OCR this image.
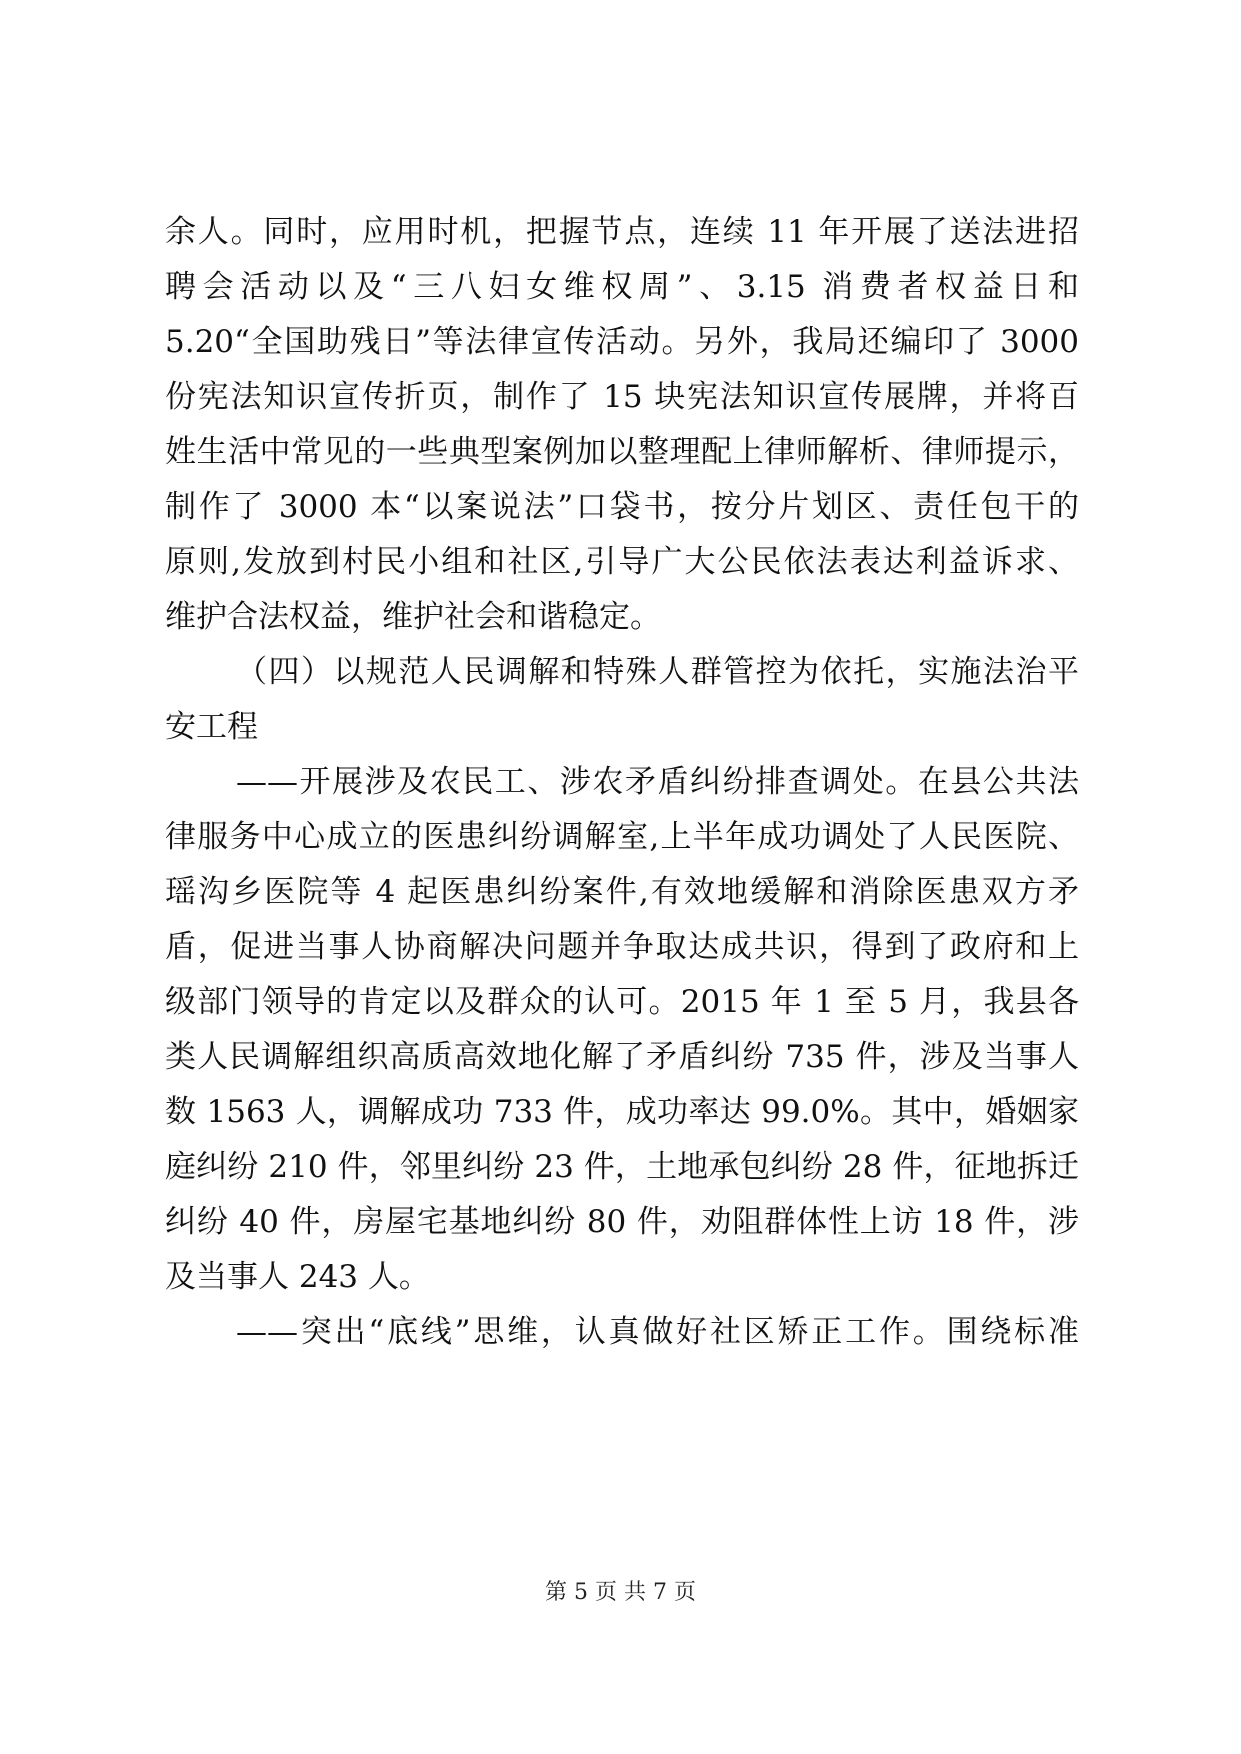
余人。同时，应用时机，把握节点，连续 11 年开展了送法进招
聘会活动以及“三八妇女维权周”、3.15 消费者权益日和
5.20“全国助残日”等法律宣传活动。另外，我局还编印了 3000
份宪法知识宣传折页，制作了 15 块宪法知识宣传展牌，并将百
姓生活中常见的一些典型案例加以整理配上律师解析、律师提示，
制作了 3000 本“以案说法”口袋书，按分片划区、责任包干的
原则,发放到村民小组和社区,引导广大公民依法表达利益诉求、
维护合法权益，维护社会和谐稳定。
（四）以规范人民调解和特殊人群管控为依托，实施法治平
安工程
——开展涉及农民工、涉农矛盾纠纷排查调处。在县公共法
律服务中心成立的医患纠纷调解室,上半年成功调处了人民医院、
瑶沟乡医院等 4 起医患纠纷案件,有效地缓解和消除医患双方矛
盾，促进当事人协商解决问题并争取达成共识，得到了政府和上
级部门领导的肯定以及群众的认可。2015 年 1 至 5 月，我县各
类人民调解组织高质高效地化解了矛盾纠纷 735 件，涉及当事人
数 1563 人，调解成功 733 件，成功率达 99.0%。其中，婚姻家
庭纠纷 210 件，邻里纠纷 23 件，土地承包纠纷 28 件，征地拆迁
纠纷 40 件，房屋宅基地纠纷 80 件，劝阻群体性上访 18 件，涉
及当事人 243 人。
——突出“底线”思维，认真做好社区矫正工作。围绕标准
第 5 页 共 7 页
